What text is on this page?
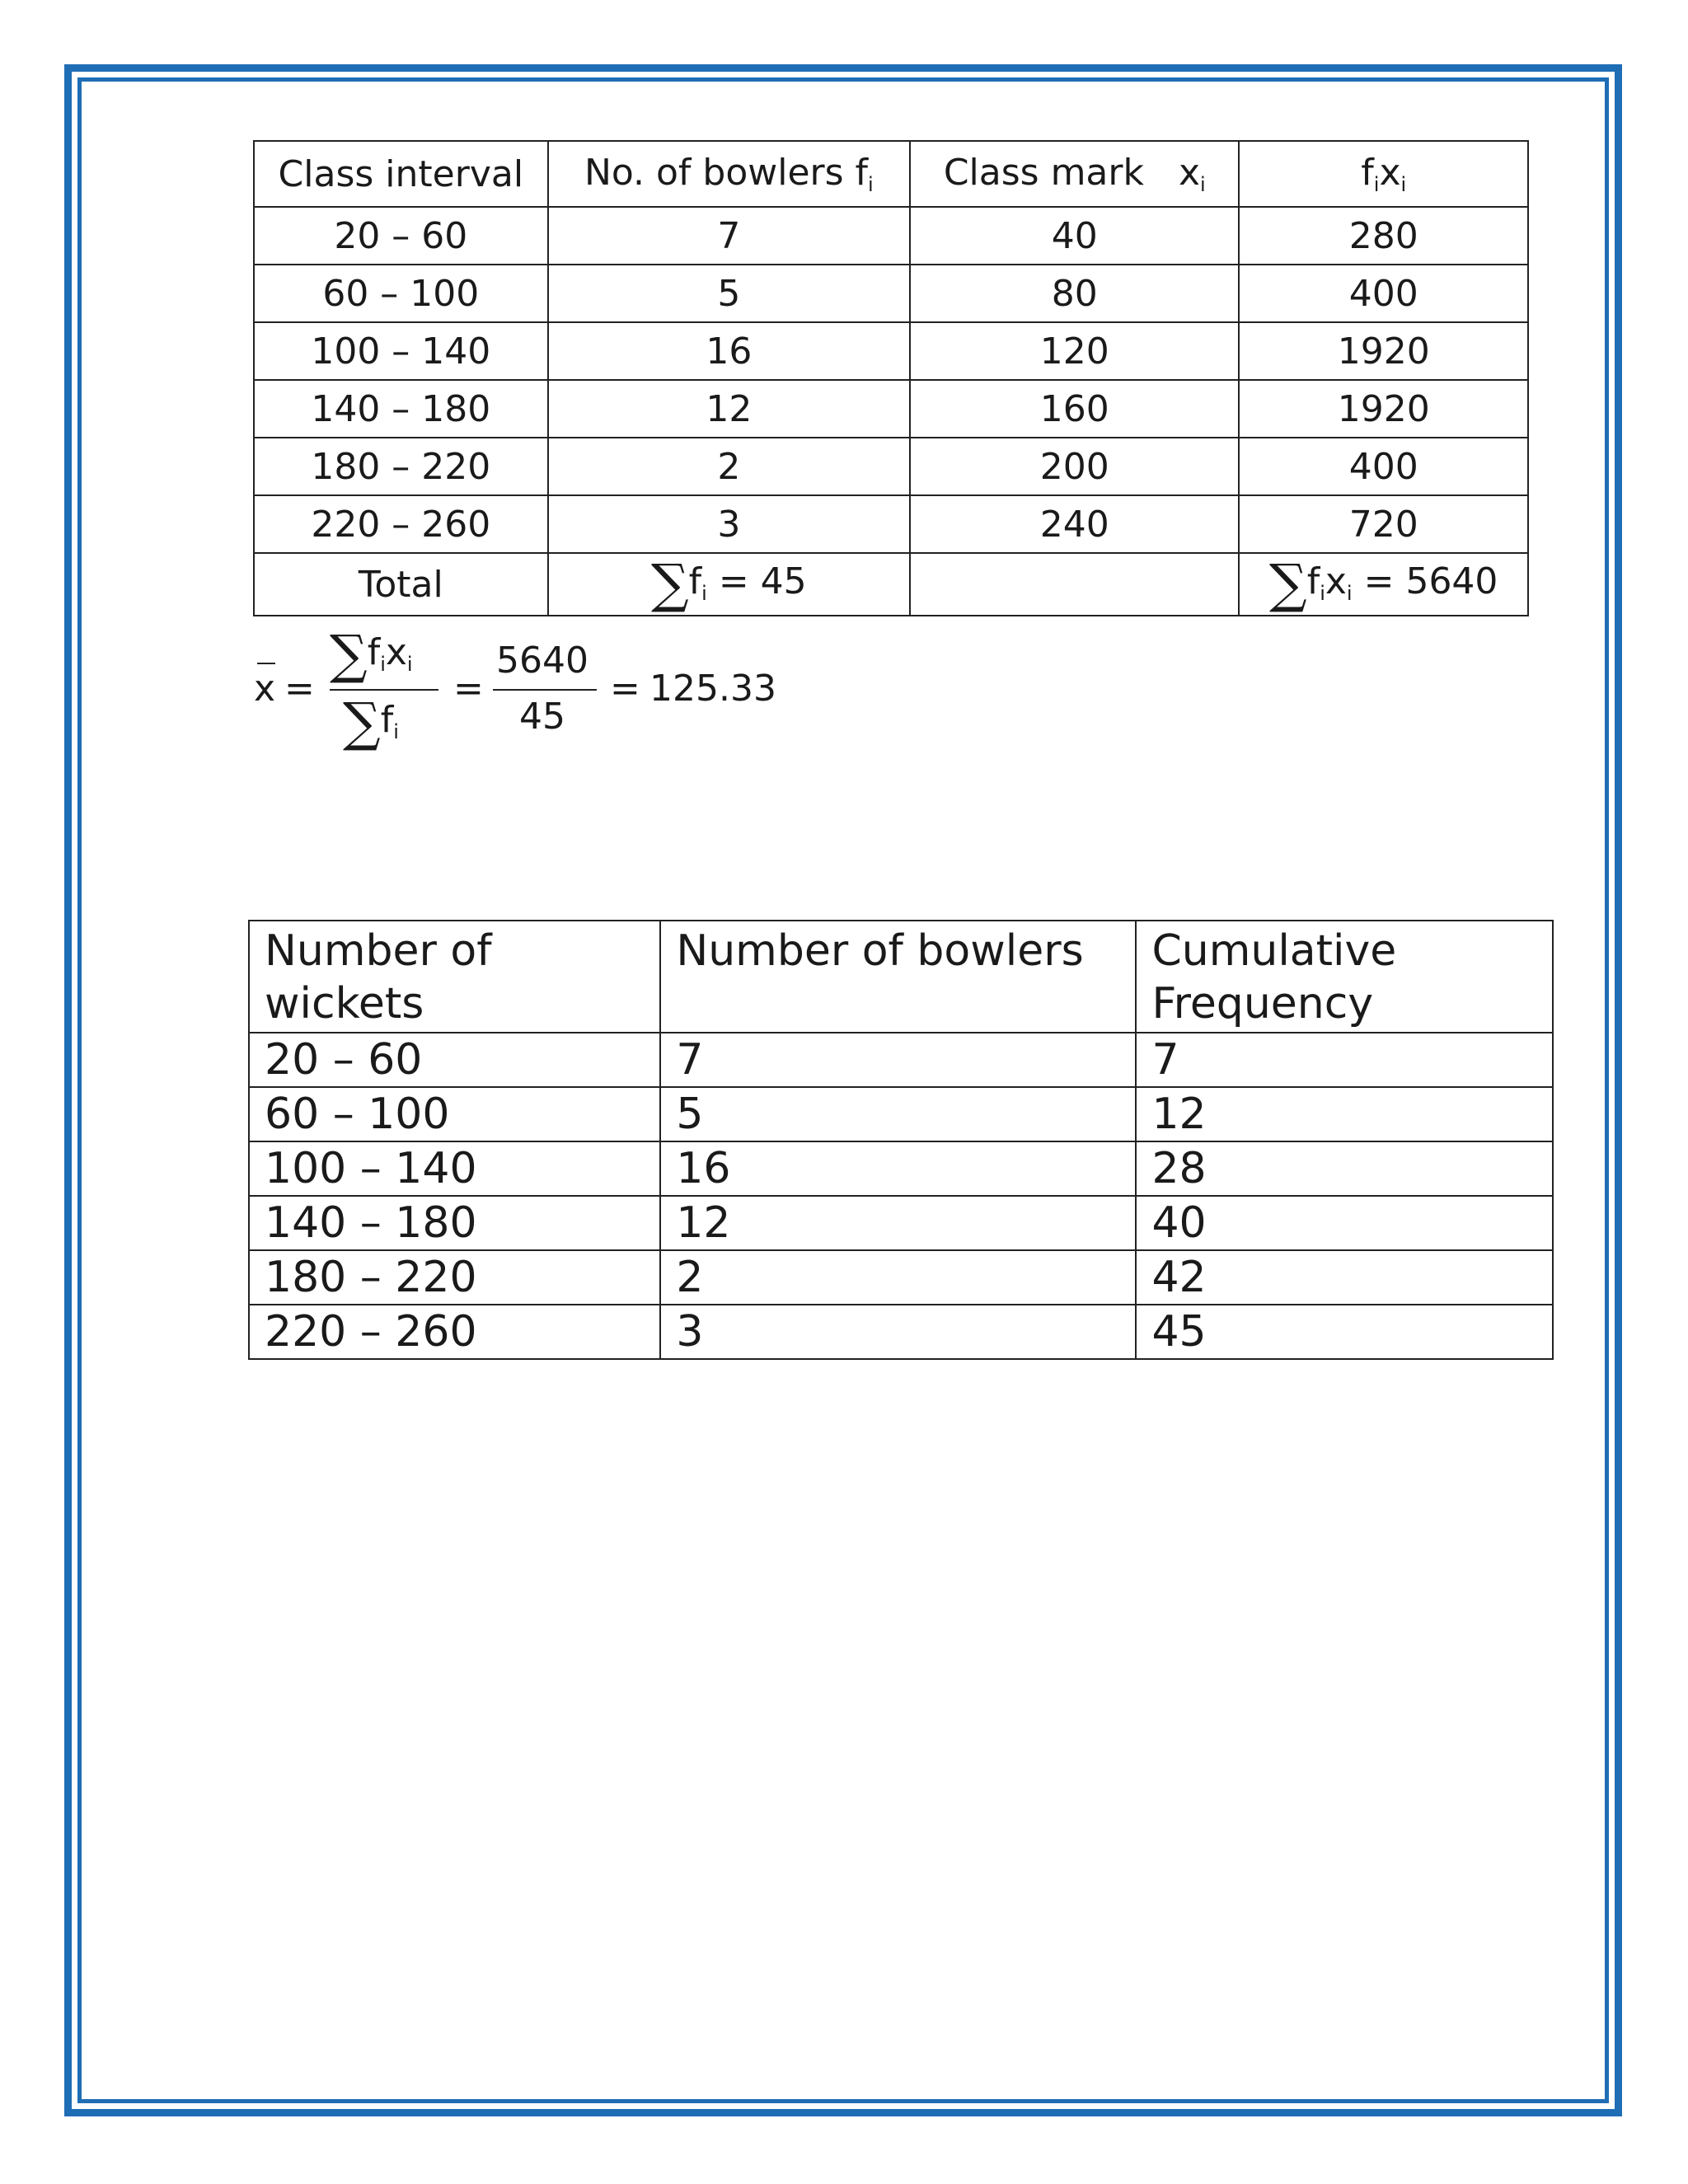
Class interval	No. of bowlers $f_i$	Class mark $x_i$	$f_ix_i$
20 – 60	7	40	280
60 – 100	5	80	400
100 – 140	16	120	1920
140 – 180	12	160	1920
180 – 220	2	200	400
220 – 260	3	240	720
Total	$\sum f_i = 45$		$\sum f_ix_i = 5640$
x =
$\sum f_ix_i$
$\sum f_i$
=
5640
45
= 125.33
Number of wickets	Number of bowlers	Cumulative Frequency
20 – 60	7	7
60 – 100	5	12
100 – 140	16	28
140 – 180	12	40
180 – 220	2	42
220 – 260	3	45
